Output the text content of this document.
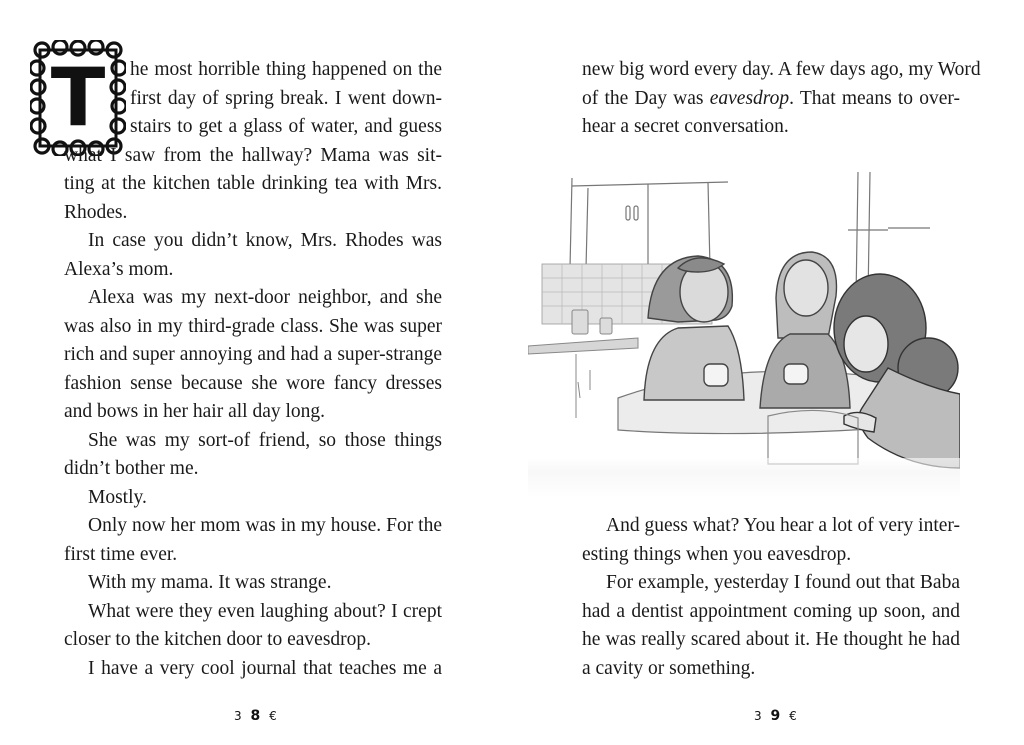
T	he most horrible thing happened on the
first day of spring break. I went down-
stairs to get a glass of water, and guess
what I saw from the hallway? Mama was sit-
ting at the kitchen table drinking tea with Mrs.
Rhodes.
In case you didn’t know, Mrs. Rhodes was
Alexa’s mom.
Alexa was my next-door neighbor, and she
was also in my third-grade class. She was super
rich and super annoying and had a super-strange
fashion sense because she wore fancy dresses
and bows in her hair all day long.
She was my sort-of friend, so those things
didn’t bother me.
Mostly.
Only now her mom was in my house. For the
first time ever.
With my mama. It was strange.
What were they even laughing about? I crept
closer to the kitchen door to eavesdrop.
I have a very cool journal that teaches me a
3 8 €
new big word every day. A few days ago, my Word
of the Day was eavesdrop. That means to over-
hear a secret conversation.
And guess what? You hear a lot of very inter-
esting things when you eavesdrop.
For example, yesterday I found out that Baba
had a dentist appointment coming up soon, and
he was really scared about it. He thought he had
a cavity or something.
3 9 €
